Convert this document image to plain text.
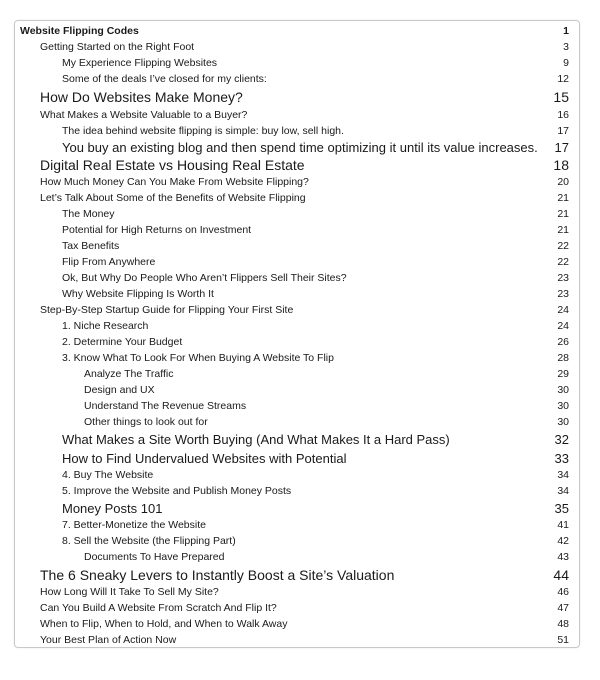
Website Flipping Codes	1
Getting Started on the Right Foot	3
My Experience Flipping Websites	9
Some of the deals I’ve closed for my clients:	12
How Do Websites Make Money?	15
What Makes a Website Valuable to a Buyer?	16
The idea behind website flipping is simple: buy low, sell high.	17
You buy an existing blog and then spend time optimizing it until its value increases. 17
Digital Real Estate vs Housing Real Estate	18
How Much Money Can You Make From Website Flipping?	20
Let’s Talk About Some of the Benefits of Website Flipping	21
The Money	21
Potential for High Returns on Investment	21
Tax Benefits	22
Flip From Anywhere	22
Ok, But Why Do People Who Aren’t Flippers Sell Their Sites?	23
Why Website Flipping Is Worth It	23
Step-By-Step Startup Guide for Flipping Your First Site	24
1. Niche Research	24
2. Determine Your Budget	26
3. Know What To Look For When Buying A Website To Flip	28
Analyze The Traffic	29
Design and UX	30
Understand The Revenue Streams	30
Other things to look out for	30
What Makes a Site Worth Buying (And What Makes It a Hard Pass)	32
How to Find Undervalued Websites with Potential	33
4. Buy The Website	34
5. Improve the Website and Publish Money Posts	34
Money Posts 101	35
7. Better-Monetize the Website	41
8. Sell the Website (the Flipping Part)	42
Documents To Have Prepared	43
The 6 Sneaky Levers to Instantly Boost a Site’s Valuation	44
How Long Will It Take To Sell My Site?	46
Can You Build A Website From Scratch And Flip It?	47
When to Flip, When to Hold, and When to Walk Away	48
Your Best Plan of Action Now	51
